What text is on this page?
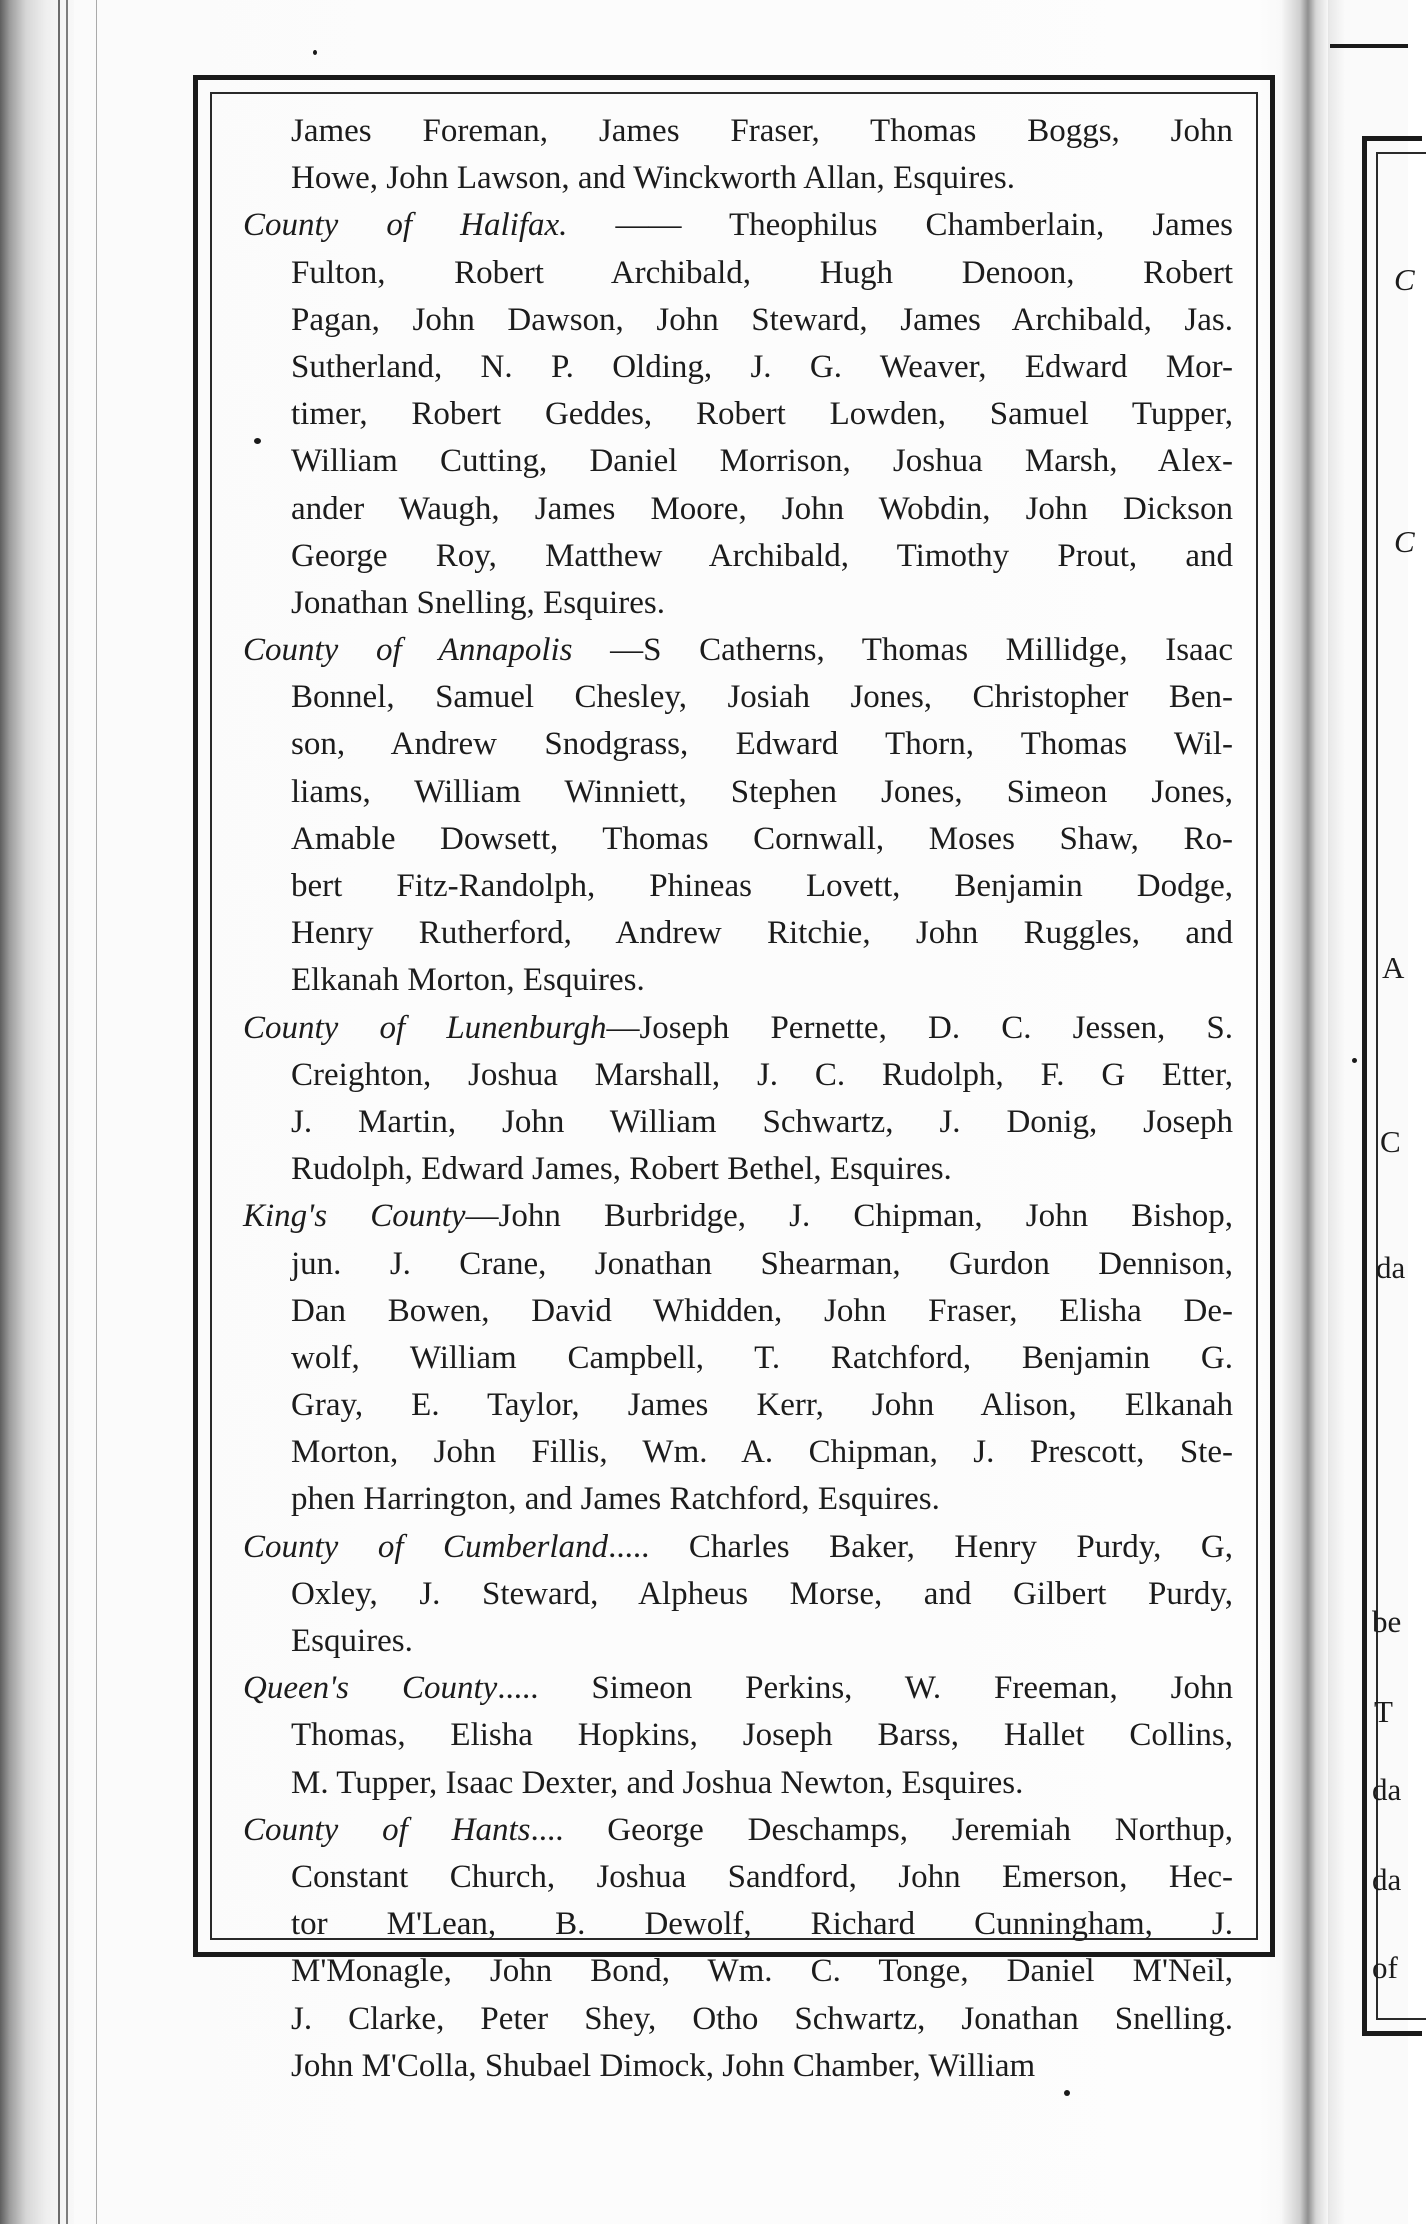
James Foreman, James Fraser, Thomas Boggs, John
Howe, John Lawson, and Winckworth Allan, Esquires.
County of Halifax. —— Theophilus Chamberlain, James
Fulton, Robert Archibald, Hugh Denoon, Robert
Pagan, John Dawson, John Steward, James Archibald, Jas.
Sutherland, N. P. Olding, J. G. Weaver, Edward Mor-
timer, Robert Geddes, Robert Lowden, Samuel Tupper,
William Cutting, Daniel Morrison, Joshua Marsh, Alex-
ander Waugh, James Moore, John Wobdin, John Dickson
George Roy, Matthew Archibald, Timothy Prout, and
Jonathan Snelling, Esquires.
County of Annapolis —S Catherns, Thomas Millidge, Isaac
Bonnel, Samuel Chesley, Josiah Jones, Christopher Ben-
son, Andrew Snodgrass, Edward Thorn, Thomas Wil-
liams, William Winniett, Stephen Jones, Simeon Jones,
Amable Dowsett, Thomas Cornwall, Moses Shaw, Ro-
bert Fitz-Randolph, Phineas Lovett, Benjamin Dodge,
Henry Rutherford, Andrew Ritchie, John Ruggles, and
Elkanah Morton, Esquires.
County of Lunenburgh—Joseph Pernette, D. C. Jessen, S.
Creighton, Joshua Marshall, J. C. Rudolph, F. G Etter,
J. Martin, John William Schwartz, J. Donig, Joseph
Rudolph, Edward James, Robert Bethel, Esquires.
King's County—John Burbridge, J. Chipman, John Bishop,
jun. J. Crane, Jonathan Shearman, Gurdon Dennison,
Dan Bowen, David Whidden, John Fraser, Elisha De-
wolf, William Campbell, T. Ratchford, Benjamin G.
Gray, E. Taylor, James Kerr, John Alison, Elkanah
Morton, John Fillis, Wm. A. Chipman, J. Prescott, Ste-
phen Harrington, and James Ratchford, Esquires.
County of Cumberland..... Charles Baker, Henry Purdy, G,
Oxley, J. Steward, Alpheus Morse, and Gilbert Purdy,
Esquires.
Queen's County..... Simeon Perkins, W. Freeman, John
Thomas, Elisha Hopkins, Joseph Barss, Hallet Collins,
M. Tupper, Isaac Dexter, and Joshua Newton, Esquires.
County of Hants.... George Deschamps, Jeremiah Northup,
Constant Church, Joshua Sandford, John Emerson, Hec-
tor M'Lean, B. Dewolf, Richard Cunningham, J.
M'Monagle, John Bond, Wm. C. Tonge, Daniel M'Neil,
J. Clarke, Peter Shey, Otho Schwartz, Jonathan Snelling.
John M'Colla, Shubael Dimock, John Chamber, William
C
C
A
C
da
be
T
da
da
of
